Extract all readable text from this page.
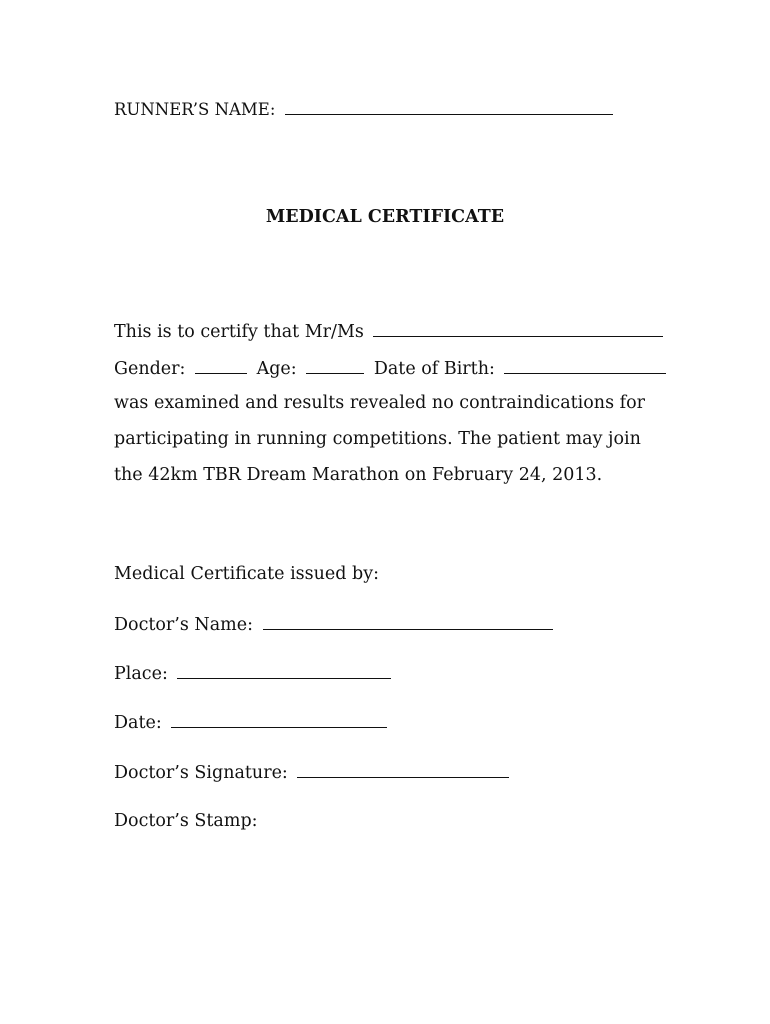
RUNNER’S NAME:
MEDICAL CERTIFICATE
This is to certify that Mr/Ms
Gender:	Age:	Date of Birth:
was examined and results revealed no contraindications for
participating in running competitions. The patient may join
the 42km TBR Dream Marathon on February 24, 2013.
Medical Certificate issued by:
Doctor’s Name:
Place:
Date:
Doctor’s Signature:
Doctor’s Stamp:
